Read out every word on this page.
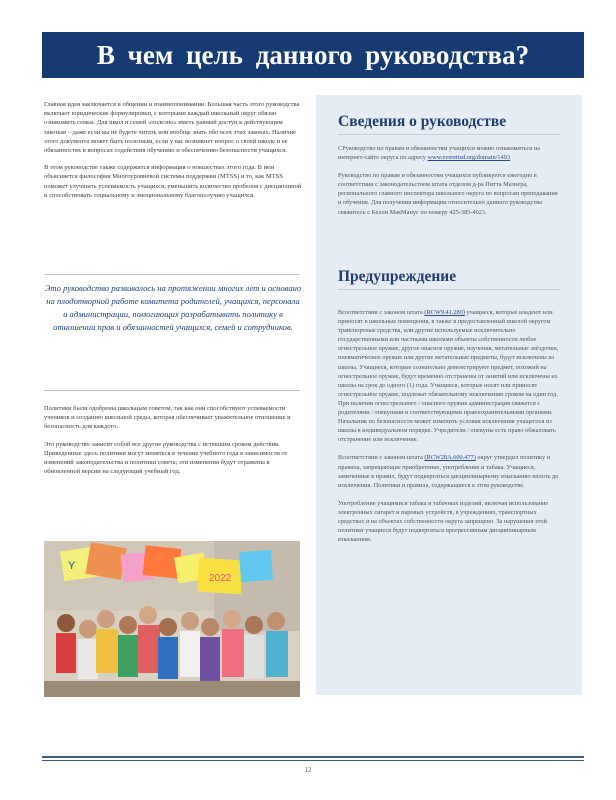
В чем цель данного руководства?

Главная идея заключается в общении и взаимопонимании. Большая часть этого руководства включает юридические формулировки, с которыми каждый школьный округ обязан ознакомить семьи. Для школ и семей «полезно» иметь равный доступ к действующим законам – даже если вы не будете читать или вообще знать обо всех этих законах. Наличие этого документа может быть полезным, если у вас возникнет вопрос о своей школе и ее обязанностях в вопросах содействия обучению и обеспечению безопасности учащихся.

В этом руководстве также содержится информация о новшествах этого года. В нем объясняется философия Многоуровневой системы поддержки (MTSS) и то, как MTSS поможет улучшить успеваемость учащихся, уменьшить количество пробелов с дисциплиной и способствовать социальному и эмоциональному благополучию учащихся.

Это руководство развивалось на протяжении многих лет и основано на плодотворной работе комитета родителей, учащихся, персонала и администрации, помогающих разрабатывать политику в отношении прав и обязанностей учащихся, семей и сотрудников.

Политики были одобрены школьным советом, так как они способствуют успеваемости учеников и созданию школьной среды, которая обеспечивает уважительное отношение и безопасность для каждого.

Это руководство зависит собой все другие руководства с истекшим сроком действия. Приведенные здесь политики могут меняться в течение учебного года в зависимости от изменений законодательства и политики совета; эти изменения будут отражены в обновленной версии на следующий учебный год.

2022
Y
Сведения о руководстве

СРуководство по правам и обязанностям учащихся можно ознакомиться на интернет-сайте округа по адресу www.everettsd.org/domain/1493

Руководство по правам и обязанностям учащихся публикуется ежегодно в соответствии с законодательством штата отделом д-ра Питта Мазнера, регионального главного инспектора школьного округа по вопросам преподавания и обучения. Для получения информации относительно данного руководства свяжитесь с Келли МакМанус по номеру 425-385-4023.

Предупреждение

Всоответствии с законом штата (RCW9.41.280) учащиеся, которые владеют или приносят в школьные помещения, в также в предоставленный школой округом транспортные средства, или другие используемые исключительно государственными или частными школами объекты собственности любое огнестрельное оружие, другое опасное оружие, изучения, метательные звёздочки, пневматическое оружие или другие метательные предметы, будут исключены из школы. Учащиеся, которые сознательно демонстрируют предмет, похожий на огнестрельное оружие, будут временно отстранены от занятий или исключены из школы на срок до одного (1) года. Учащиеся, которые носят или приносят огнестрельное оружие, подлежат обязательному исключению сроком на один год. При наличии огнестрельного / опасного оружия администрация свяжется с родителями / опекунами и соответствующими правоохранительными органами. Начальник по безопасности может изменить условия исключения учащегося из школы в индивидуальном порядке. Учредители / опекуны есть право обжаловать отстранение или исключение.

Всоответствии с законом штата (RCW28A.600.477) округ утвердил политику и правила, запрещающие приобретение, употребление и табака. Учащиеся, замеченные в правил, будут подвергаться дисциплинарному взысканию вплоть до исключения. Политики и правила, содержащиеся в этом руководстве.

Употребление учащимися табака и табачных изделий, включая использование электронных сигарет и паровых устройств, в учреждениях, транспортных средствах и на объектах собственности округа запрещено. За нарушения этой политики учащиеся будут подвергаться прогрессивным дисциплинарным взысканиям.

12
